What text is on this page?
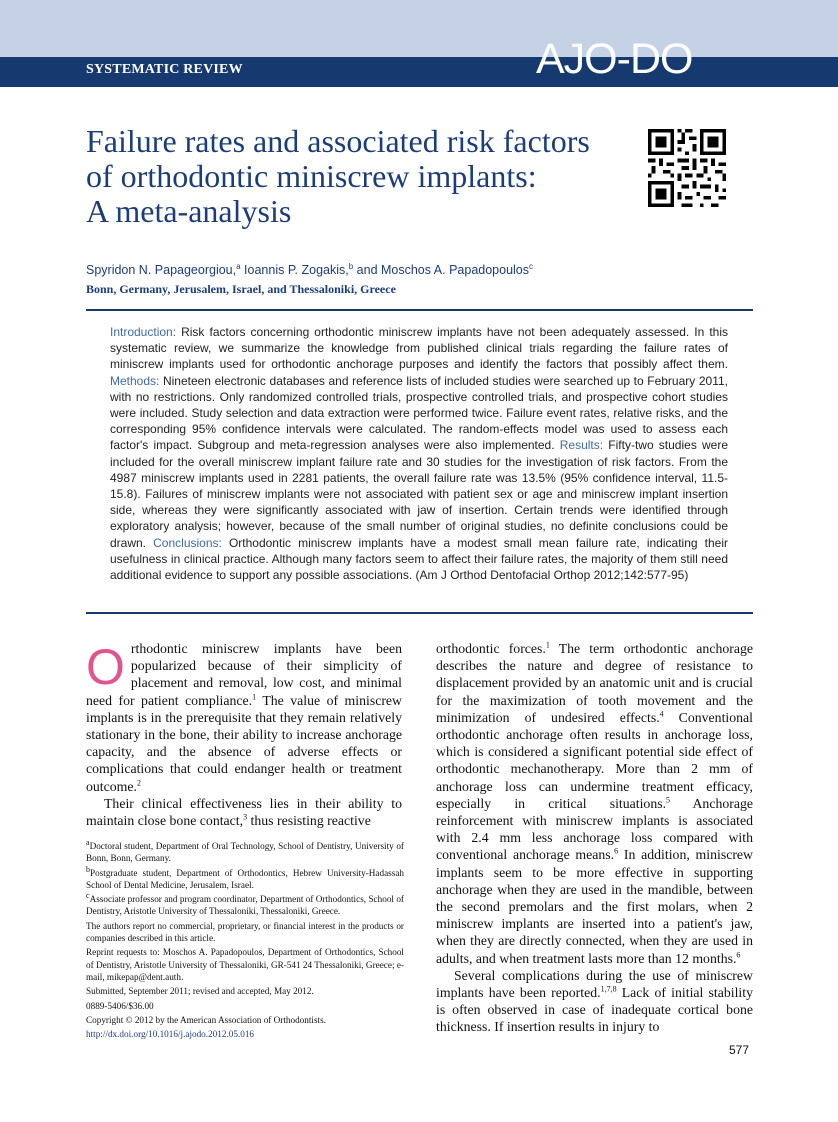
SYSTEMATIC REVIEW	AJO-DO
Failure rates and associated risk factors
of orthodontic miniscrew implants:
A meta-analysis
Spyridon N. Papageorgiou,$^a$ Ioannis P. Zogakis,$^b$ and Moschos A. Papadopoulos$^c$
Bonn, Germany, Jerusalem, Israel, and Thessaloniki, Greece
Introduction: Risk factors concerning orthodontic miniscrew implants have not been adequately assessed. In this systematic review, we summarize the knowledge from published clinical trials regarding the failure rates of miniscrew implants used for orthodontic anchorage purposes and identify the factors that possibly affect them. Methods: Nineteen electronic databases and reference lists of included studies were searched up to February 2011, with no restrictions. Only randomized controlled trials, prospective controlled trials, and prospective cohort studies were included. Study selection and data extraction were performed twice. Failure event rates, relative risks, and the corresponding 95% confidence intervals were calculated. The random-effects model was used to assess each factor's impact. Subgroup and meta-regression analyses were also implemented. Results: Fifty-two studies were included for the overall miniscrew implant failure rate and 30 studies for the investigation of risk factors. From the 4987 miniscrew implants used in 2281 patients, the overall failure rate was 13.5% (95% confidence interval, 11.5-15.8). Failures of miniscrew implants were not associated with patient sex or age and miniscrew implant insertion side, whereas they were significantly associated with jaw of insertion. Certain trends were identified through exploratory analysis; however, because of the small number of original studies, no definite conclusions could be drawn. Conclusions: Orthodontic miniscrew implants have a modest small mean failure rate, indicating their usefulness in clinical practice. Although many factors seem to affect their failure rates, the majority of them still need additional evidence to support any possible associations. (Am J Orthod Dentofacial Orthop 2012;142:577-95)

Orthodontic miniscrew implants have been popularized because of their simplicity of placement and removal, low cost, and minimal need for patient compliance.$^1$ The value of miniscrew implants is in the prerequisite that they remain relatively stationary in the bone, their ability to increase anchorage capacity, and the absence of adverse effects or complications that could endanger health or treatment outcome.$^2$

Their clinical effectiveness lies in their ability to maintain close bone contact,$^3$ thus resisting reactive

orthodontic forces.$^1$ The term orthodontic anchorage describes the nature and degree of resistance to displacement provided by an anatomic unit and is crucial for the maximization of tooth movement and the minimization of undesired effects.$^4$ Conventional orthodontic anchorage often results in anchorage loss, which is considered a significant potential side effect of orthodontic mechanotherapy. More than 2 mm of anchorage loss can undermine treatment efficacy, especially in critical situations.$^5$ Anchorage reinforcement with miniscrew implants is associated with 2.4 mm less anchorage loss compared with conventional anchorage means.$^6$ In addition, miniscrew implants seem to be more effective in supporting anchorage when they are used in the mandible, between the second premolars and the first molars, when 2 miniscrew implants are inserted into a patient's jaw, when they are directly connected, when they are used in adults, and when treatment lasts more than 12 months.$^6$

Several complications during the use of miniscrew implants have been reported.$^{1,7,8}$ Lack of initial stability is often observed in case of inadequate cortical bone thickness. If insertion results in injury to

$^a$Doctoral student, Department of Oral Technology, School of Dentistry, University of Bonn, Bonn, Germany.

$^b$Postgraduate student, Department of Orthodontics, Hebrew University-Hadassah School of Dental Medicine, Jerusalem, Israel.

$^c$Associate professor and program coordinator, Department of Orthodontics, School of Dentistry, Aristotle University of Thessaloniki, Thessaloniki, Greece.

The authors report no commercial, proprietary, or financial interest in the products or companies described in this article.

Reprint requests to: Moschos A. Papadopoulos, Department of Orthodontics, School of Dentistry, Aristotle University of Thessaloniki, GR-541 24 Thessaloniki, Greece; e-mail, mikepap@dent.auth.

Submitted, September 2011; revised and accepted, May 2012.

0889-5406/$36.00

Copyright © 2012 by the American Association of Orthodontists.

http://dx.doi.org/10.1016/j.ajodo.2012.05.016

577
